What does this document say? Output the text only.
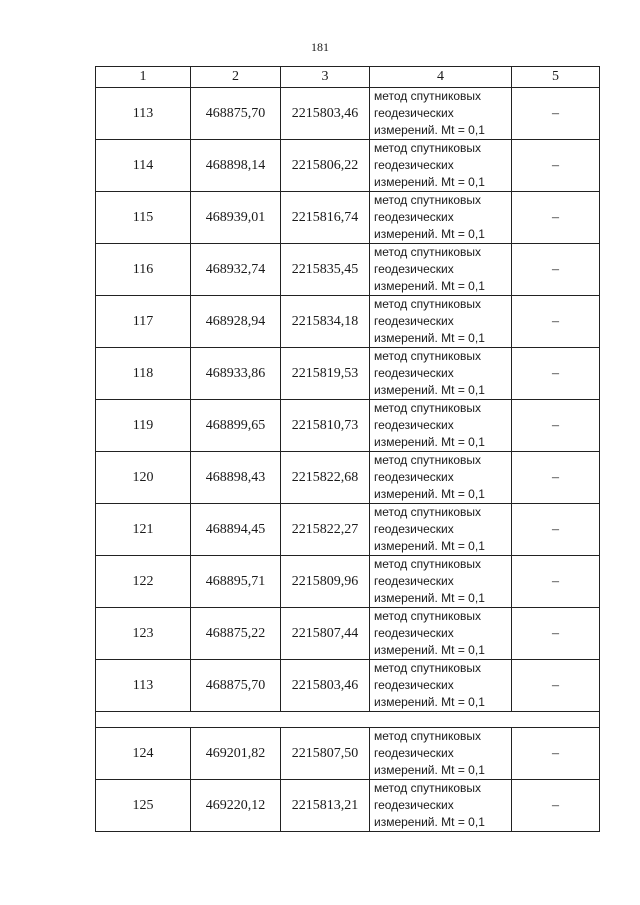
181
1	2	3	4	5
113	468875,70	2215803,46	метод спутниковых
геодезических
измерений. Mt = 0,1	–
114	468898,14	2215806,22	метод спутниковых
геодезических
измерений. Mt = 0,1	–
115	468939,01	2215816,74	метод спутниковых
геодезических
измерений. Mt = 0,1	–
116	468932,74	2215835,45	метод спутниковых
геодезических
измерений. Mt = 0,1	–
117	468928,94	2215834,18	метод спутниковых
геодезических
измерений. Mt = 0,1	–
118	468933,86	2215819,53	метод спутниковых
геодезических
измерений. Mt = 0,1	–
119	468899,65	2215810,73	метод спутниковых
геодезических
измерений. Mt = 0,1	–
120	468898,43	2215822,68	метод спутниковых
геодезических
измерений. Mt = 0,1	–
121	468894,45	2215822,27	метод спутниковых
геодезических
измерений. Mt = 0,1	–
122	468895,71	2215809,96	метод спутниковых
геодезических
измерений. Mt = 0,1	–
123	468875,22	2215807,44	метод спутниковых
геодезических
измерений. Mt = 0,1	–
113	468875,70	2215803,46	метод спутниковых
геодезических
измерений. Mt = 0,1	–

124	469201,82	2215807,50	метод спутниковых
геодезических
измерений. Mt = 0,1	–
125	469220,12	2215813,21	метод спутниковых
геодезических
измерений. Mt = 0,1	–
